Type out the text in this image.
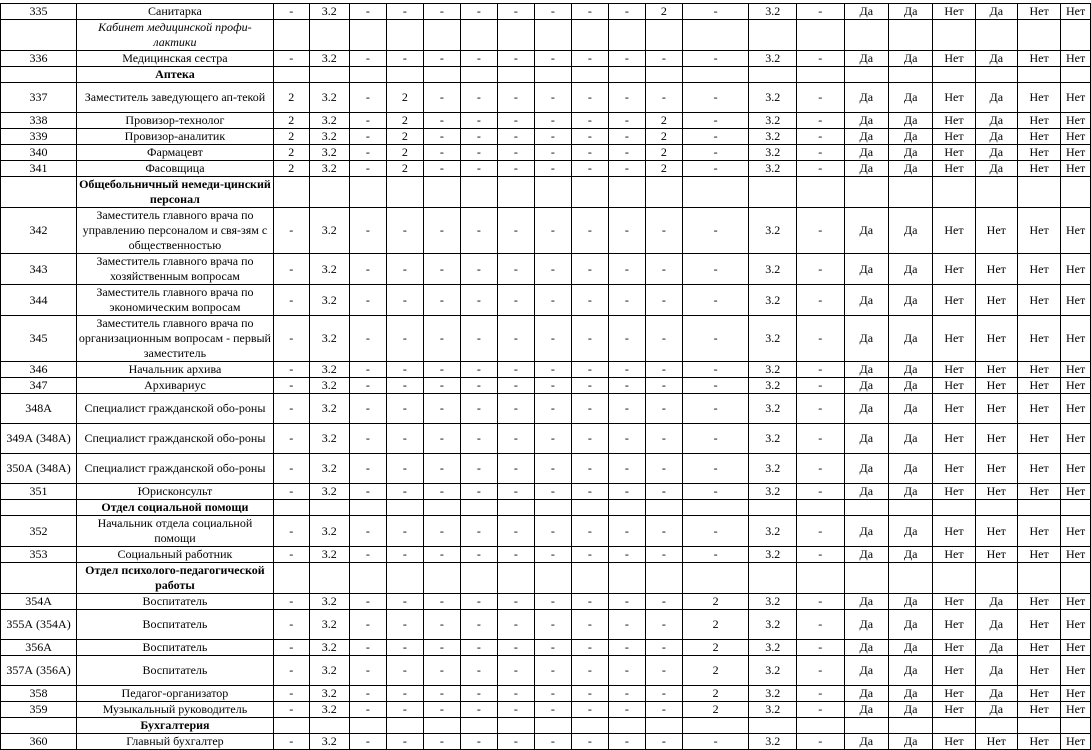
335	Санитарка	-	3.2	-	-	-	-	-	-	-	-	2	-	3.2	-	Да	Да	Нет	Да	Нет	Нет
	Кабинет медицинской профи-лактики																				
336	Медицинская сестра	-	3.2	-	-	-	-	-	-	-	-	-	-	3.2	-	Да	Да	Нет	Да	Нет	Нет
	Аптека																				
337	Заместитель заведующего ап-текой	2	3.2	-	2	-	-	-	-	-	-	-	-	3.2	-	Да	Да	Нет	Да	Нет	Нет
338	Провизор-технолог	2	3.2	-	2	-	-	-	-	-	-	2	-	3.2	-	Да	Да	Нет	Да	Нет	Нет
339	Провизор-аналитик	2	3.2	-	2	-	-	-	-	-	-	2	-	3.2	-	Да	Да	Нет	Да	Нет	Нет
340	Фармацевт	2	3.2	-	2	-	-	-	-	-	-	2	-	3.2	-	Да	Да	Нет	Да	Нет	Нет
341	Фасовщица	2	3.2	-	2	-	-	-	-	-	-	2	-	3.2	-	Да	Да	Нет	Да	Нет	Нет
	Общебольничный немеди-цинский персонал																				
342	Заместитель главного врача по управлению персоналом и свя-зям с общественностью	-	3.2	-	-	-	-	-	-	-	-	-	-	3.2	-	Да	Да	Нет	Нет	Нет	Нет
343	Заместитель главного врача по хозяйственным вопросам	-	3.2	-	-	-	-	-	-	-	-	-	-	3.2	-	Да	Да	Нет	Нет	Нет	Нет
344	Заместитель главного врача по экономическим вопросам	-	3.2	-	-	-	-	-	-	-	-	-	-	3.2	-	Да	Да	Нет	Нет	Нет	Нет
345	Заместитель главного врача по организационным вопросам - первый заместитель	-	3.2	-	-	-	-	-	-	-	-	-	-	3.2	-	Да	Да	Нет	Нет	Нет	Нет
346	Начальник архива	-	3.2	-	-	-	-	-	-	-	-	-	-	3.2	-	Да	Да	Нет	Нет	Нет	Нет
347	Архивариус	-	3.2	-	-	-	-	-	-	-	-	-	-	3.2	-	Да	Да	Нет	Нет	Нет	Нет
348А	Специалист гражданской обо-роны	-	3.2	-	-	-	-	-	-	-	-	-	-	3.2	-	Да	Да	Нет	Нет	Нет	Нет
349А (348А)	Специалист гражданской обо-роны	-	3.2	-	-	-	-	-	-	-	-	-	-	3.2	-	Да	Да	Нет	Нет	Нет	Нет
350А (348А)	Специалист гражданской обо-роны	-	3.2	-	-	-	-	-	-	-	-	-	-	3.2	-	Да	Да	Нет	Нет	Нет	Нет
351	Юрисконсульт	-	3.2	-	-	-	-	-	-	-	-	-	-	3.2	-	Да	Да	Нет	Нет	Нет	Нет
	Отдел социальной помощи																				
352	Начальник отдела социальной помощи	-	3.2	-	-	-	-	-	-	-	-	-	-	3.2	-	Да	Да	Нет	Нет	Нет	Нет
353	Социальный работник	-	3.2	-	-	-	-	-	-	-	-	-	-	3.2	-	Да	Да	Нет	Нет	Нет	Нет
	Отдел психолого-педагогической работы																				
354А	Воспитатель	-	3.2	-	-	-	-	-	-	-	-	-	2	3.2	-	Да	Да	Нет	Да	Нет	Нет
355А (354А)	Воспитатель	-	3.2	-	-	-	-	-	-	-	-	-	2	3.2	-	Да	Да	Нет	Да	Нет	Нет
356А	Воспитатель	-	3.2	-	-	-	-	-	-	-	-	-	2	3.2	-	Да	Да	Нет	Да	Нет	Нет
357А (356А)	Воспитатель	-	3.2	-	-	-	-	-	-	-	-	-	2	3.2	-	Да	Да	Нет	Да	Нет	Нет
358	Педагог-организатор	-	3.2	-	-	-	-	-	-	-	-	-	2	3.2	-	Да	Да	Нет	Да	Нет	Нет
359	Музыкальный руководитель	-	3.2	-	-	-	-	-	-	-	-	-	2	3.2	-	Да	Да	Нет	Да	Нет	Нет
	Бухгалтерия																				
360	Главный бухгалтер	-	3.2	-	-	-	-	-	-	-	-	-	-	3.2	-	Да	Да	Нет	Нет	Нет	Нет
